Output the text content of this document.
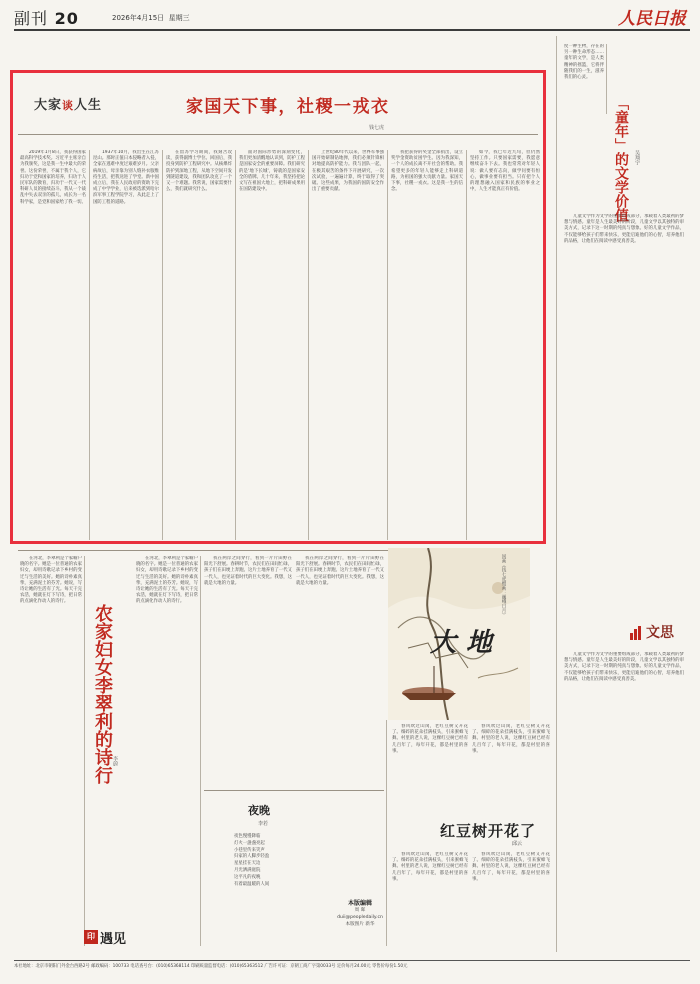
副刊 20	2026年4月15日 星期三	人民日报
大家谈人生	家国天下事，社稷一戎衣
钱七虎

2019年1月8日，我获得国家最高科学技术奖。习近平主席亲自为我颁奖，这是我一生中最大的荣誉。这份荣誉，不属于我个人，它归功于党和国家的培养，归功于人民军队的教育，归功于一代又一代科研人员的接续奋斗。我从一个战乱中失去双亲的孤儿，成长为一名科学家，是党和国家给了我一切。

1937年10月，我出生在江苏昆山。那时正值日本侵略者入侵，全家在逃难中度过艰难岁月。父亲病故后，母亲靠为别人缝补衣服维持生活，把我送进了学堂。新中国成立后，我在人民政府的资助下完成了中学学业，后来被选派到哈尔滨军事工程学院学习，从此走上了国防工程的道路。

在留苏学习期间，我刻苦攻读，获得副博士学位。回国后，我投身到防护工程研究中。从核爆炸防护到深地工程，从地下空间开发到隧道建设，我和团队攻克了一个又一个难题。我常说，国家需要什么，我们就研究什么。

面对国际形势的深刻变化，我们更加清醒地认识到，防护工程是国家安全的重要屏障。我们研究的是'地下长城'，铸就的是国家安全的盾牌。几十年来，我坚持把论文写在祖国大地上，把科研成果用在国防建设中。

上世纪80年代以来，世界军事强国开始研制钻地弹，我们必须针锋相对地提高防护能力。我与团队一起，在极其艰苦的条件下开展研究，一次次试验，一遍遍计算，终于取得了突破。这些成果，为我国的国防安全作出了重要贡献。

我把获得的奖金全部捐出，设立奖学金资助贫困学生。因为我深知，一个人的成长离不开社会的帮助。我希望更多的年轻人能够走上科研道路，为祖国的强大贡献力量。家国天下事，社稷一戎衣。这是我一生的信念。

如今，我已年近九旬，但仍然坚持工作。只要国家需要，我愿意继续奋斗下去。我也常常对年轻人说：做人要有志向，做学问要有恒心，做事业要有担当。只有把个人的理想融入国家和民族的事业之中，人生才能真正有价值。

度一种生物，存在的另一种生命形态……童年的文学，是人类精神的摇篮，它将伴随我们的一生，滋养我们的心灵。
「童年」的文学价值 吴翔宇

儿童文学作为文学的重要组成部分，承载着人类最初的梦想与情感。童年是人生最美好的阶段，儿童文学以其独特的审美方式，记录下这一时期的纯真与想象。好的儿童文学作品，不仅能够给孩子们带来快乐，更能启迪他们的心智，培养他们的品格，让他们在阅读中感受真善美。

儿童文学作为文学的重要组成部分，承载着人类最初的梦想与情感。童年是人生最美好的阶段，儿童文学以其独特的审美方式，记录下这一时期的纯真与想象。好的儿童文学作品，不仅能够给孩子们带来快乐，更能启迪他们的心智，培养他们的品格，让他们在阅读中感受真善美。

文思

在河北，李翠利是个家喻户晓的名字。她是一位普通的农家妇女，却用诗歌记录下乡村的变迁与生活的美好。她的诗朴素真挚，充满泥土的芬芳。她说，写诗让她的生活有了光。每天干完农活，她就在灯下写诗，把日常的点滴化作动人的诗行。

农家妇女李翠利的诗行 李蔚

在河北，李翠利是个家喻户晓的名字。她是一位普通的农家妇女，却用诗歌记录下乡村的变迁与生活的美好。她的诗朴素真挚，充满泥土的芬芳。她说，写诗让她的生活有了光。每天干完农活，她就在灯下写诗，把日常的点滴化作动人的诗行。

印 遇见

我在两岸之间穿行，看到一片片田野在阳光下舒展。春耕时节，农民们在田间忙碌，孩子们在田埂上奔跑。这片土地养育了一代又一代人，也见证着时代的巨大变化。我想，这就是大地的力量。

我在两岸之间穿行，看到一片片田野在阳光下舒展。春耕时节，农民们在田间忙碌，孩子们在田埂上奔跑。这片土地养育了一代又一代人，也见证着时代的巨大变化。我想，这就是大地的力量。	国画《钱七虎赠画：巍峨日月》
大地
夜晚
李若
夜色慢慢降临
灯火一盏盏亮起
小巷里传来笑声
归家的人脚步轻盈
星星挂在天边
月光洒满庭院
这平凡的夜晚
有着最温暖的人间
本版编辑
周 晖
duii@peopledaily.cn
本版图片 新华

春风吹过山岗，老红豆树又开花了。细碎的花朵挂满枝头，引来蜜蜂飞舞。村里的老人说，这棵红豆树已经有几百年了，每年开花，都是村里的喜事。

春风吹过山岗，老红豆树又开花了。细碎的花朵挂满枝头，引来蜜蜂飞舞。村里的老人说，这棵红豆树已经有几百年了，每年开花，都是村里的喜事。

红豆树开花了
邱云

春风吹过山岗，老红豆树又开花了。细碎的花朵挂满枝头，引来蜜蜂飞舞。村里的老人说，这棵红豆树已经有几百年了，每年开花，都是村里的喜事。

春风吹过山岗，老红豆树又开花了。细碎的花朵挂满枝头，引来蜜蜂飞舞。村里的老人说，这棵红豆树已经有几百年了，每年开花，都是村里的喜事。

本社地址：北京市朝阳门外金台西路2号 邮政编码：100733 电话查号台：(010)65368114 印刷质量监督电话：(010)65363512 广告许可证：京朝工商广字第0033号 定价每月24.00元 零售价每份1.50元
